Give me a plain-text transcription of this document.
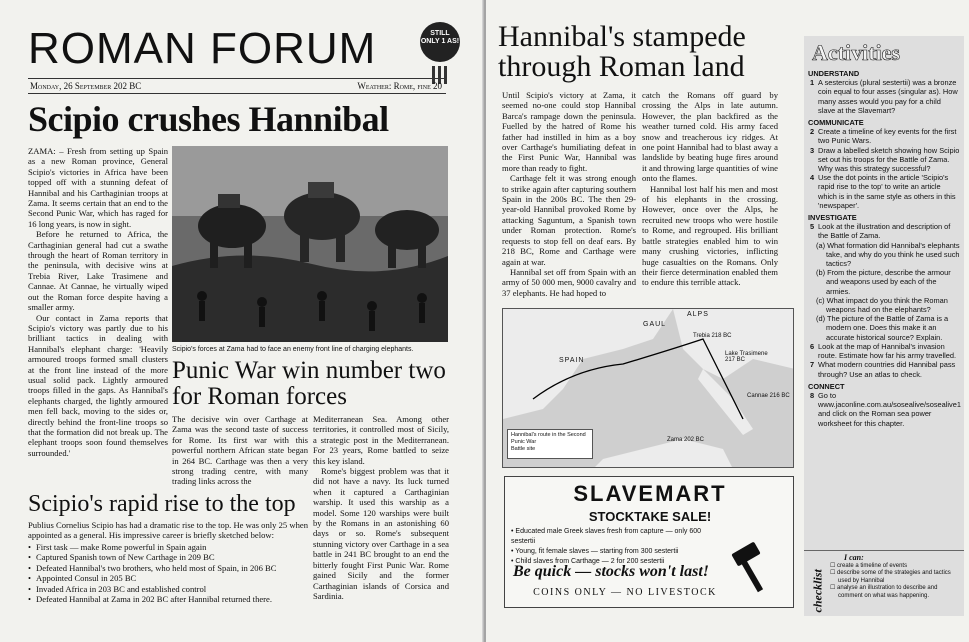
ROMAN FORUM	STILL ONLY 1 AS!
Monday, 26 September 202 BC	Weather: Rome, fine 20
Scipio crushes Hannibal

ZAMA: – Fresh from setting up Spain as a new Roman province, General Scipio's victories in Africa have been topped off with a stunning defeat of Hannibal and his Carthaginian troops at Zama. It seems certain that an end to the Second Punic War, which has raged for 16 long years, is now in sight.

Before he returned to Africa, the Carthaginian general had cut a swathe through the heart of Roman territory in the peninsula, with decisive wins at Trebia River, Lake Trasimene and Cannae. At Cannae, he virtually wiped out the Roman force despite having a smaller army.

Our contact in Zama reports that Scipio's victory was partly due to his brilliant tactics in dealing with Hannibal's elephant charge: 'Heavily armoured troops formed small clusters at the front line instead of the more usual solid pack. Lightly armoured troops filled in the gaps. As Hannibal's elephants charged, the lightly armoured men fell back, moving to the sides or, directly behind the front-line troops so that the formation did not break up. The elephant troops soon found themselves surrounded.'

Scipio's forces at Zama had to face an enemy front line of charging elephants.
Punic War win number two for Roman forces

The decisive win over Carthage at Zama was the second taste of success for Rome. Its first war with this powerful northern African state began in 264 BC. Carthage was then a very strong trading centre, with many trading links across the

Mediterranean Sea. Among other territories, it controlled most of Sicily, a strategic post in the Mediterranean. For 23 years, Rome battled to seize this key island.

Rome's biggest problem was that it did not have a navy. Its luck turned when it captured a Carthaginian warship. It used this warship as a model. Some 120 warships were built by the Romans in an astonishing 60 days or so. Rome's subsequent stunning victory over Carthage in a sea battle in 241 BC brought to an end the bitterly fought First Punic War. Rome gained Sicily and the former Carthaginian islands of Corsica and Sardinia.

Scipio's rapid rise to the top
Publius Cornelius Scipio has had a dramatic rise to the top. He was only 25 when appointed as a general. His impressive career is briefly sketched below:
• First task — make Rome powerful in Spain again
• Captured Spanish town of New Carthage in 209 BC
• Defeated Hannibal's two brothers, who held most of Spain, in 206 BC
• Appointed Consul in 205 BC
• Invaded Africa in 203 BC and established control
• Defeated Hannibal at Zama in 202 BC after Hannibal returned there.
Hannibal's stampede through Roman land

Until Scipio's victory at Zama, it seemed no-one could stop Hannibal Barca's rampage down the peninsula. Fuelled by the hatred of Rome his father had instilled in him as a boy over Carthage's humiliating defeat in the First Punic War, Hannibal was more than ready to fight.

Carthage felt it was strong enough to strike again after capturing southern Spain in the 200s BC. The then 29-year-old Hannibal provoked Rome by attacking Saguntum, a Spanish town under Roman protection. Rome's requests to stop fell on deaf ears. By 218 BC, Rome and Carthage were again at war.

Hannibal set off from Spain with an army of 50 000 men, 9000 cavalry and 37 elephants. He had hoped to

catch the Romans off guard by crossing the Alps in late autumn. However, the plan backfired as the weather turned cold. His army faced snow and treacherous icy ridges. At one point Hannibal had to blast away a landslide by beating huge fires around it and throwing large quantities of wine onto the flames.

Hannibal lost half his men and most of his elephants in the crossing. However, once over the Alps, he recruited new troops who were hostile to Rome, and regrouped. His brilliant battle strategies enabled him to win many crushing victories, inflicting huge casualties on the Romans. Only their fierce determination enabled them to endure this terrible attack.

GAUL
ALPS
SPAIN
Trebia 218 BC
Lake Trasimene 217 BC
Cannae 216 BC
Zama 202 BC
Hannibal's route in the Second Punic War
Battle site
SLAVEMART
STOCKTAKE SALE!
• Educated male Greek slaves fresh from capture — only 600 sestertii
• Young, fit female slaves — starting from 300 sestertii
• Child slaves from Carthage — 2 for 200 sestertii
Be quick — stocks won't last!
COINS ONLY — NO LIVESTOCK
Activities
UNDERSTAND
1 A sestercius (plural sestertii) was a bronze coin equal to four asses (singular as). How many asses would you pay for a child slave at the Slavemart?
COMMUNICATE
2 Create a timeline of key events for the first two Punic Wars.
3 Draw a labelled sketch showing how Scipio set out his troops for the Battle of Zama. Why was this strategy successful?
4 Use the dot points in the article 'Scipio's rapid rise to the top' to write an article which is in the same style as others in this 'newspaper'.
INVESTIGATE
5 Look at the illustration and description of the Battle of Zama.
(a) What formation did Hannibal's elephants take, and why do you think he used such tactics?
(b) From the picture, describe the armour and weapons used by each of the armies.
(c) What impact do you think the Roman weapons had on the elephants?
(d) The picture of the Battle of Zama is a modern one. Does this make it an accurate historical source? Explain.
6 Look at the map of Hannibal's invasion route. Estimate how far his army travelled.
7 What modern countries did Hannibal pass through? Use an atlas to check.
CONNECT
8 Go to www.jaconline.com.au/sosealive/sosealive1 and click on the Roman sea power worksheet for this chapter.
checklist
I can:
☐ create a timeline of events
☐ describe some of the strategies and tactics used by Hannibal
☐ analyse an illustration to describe and comment on what was happening.
